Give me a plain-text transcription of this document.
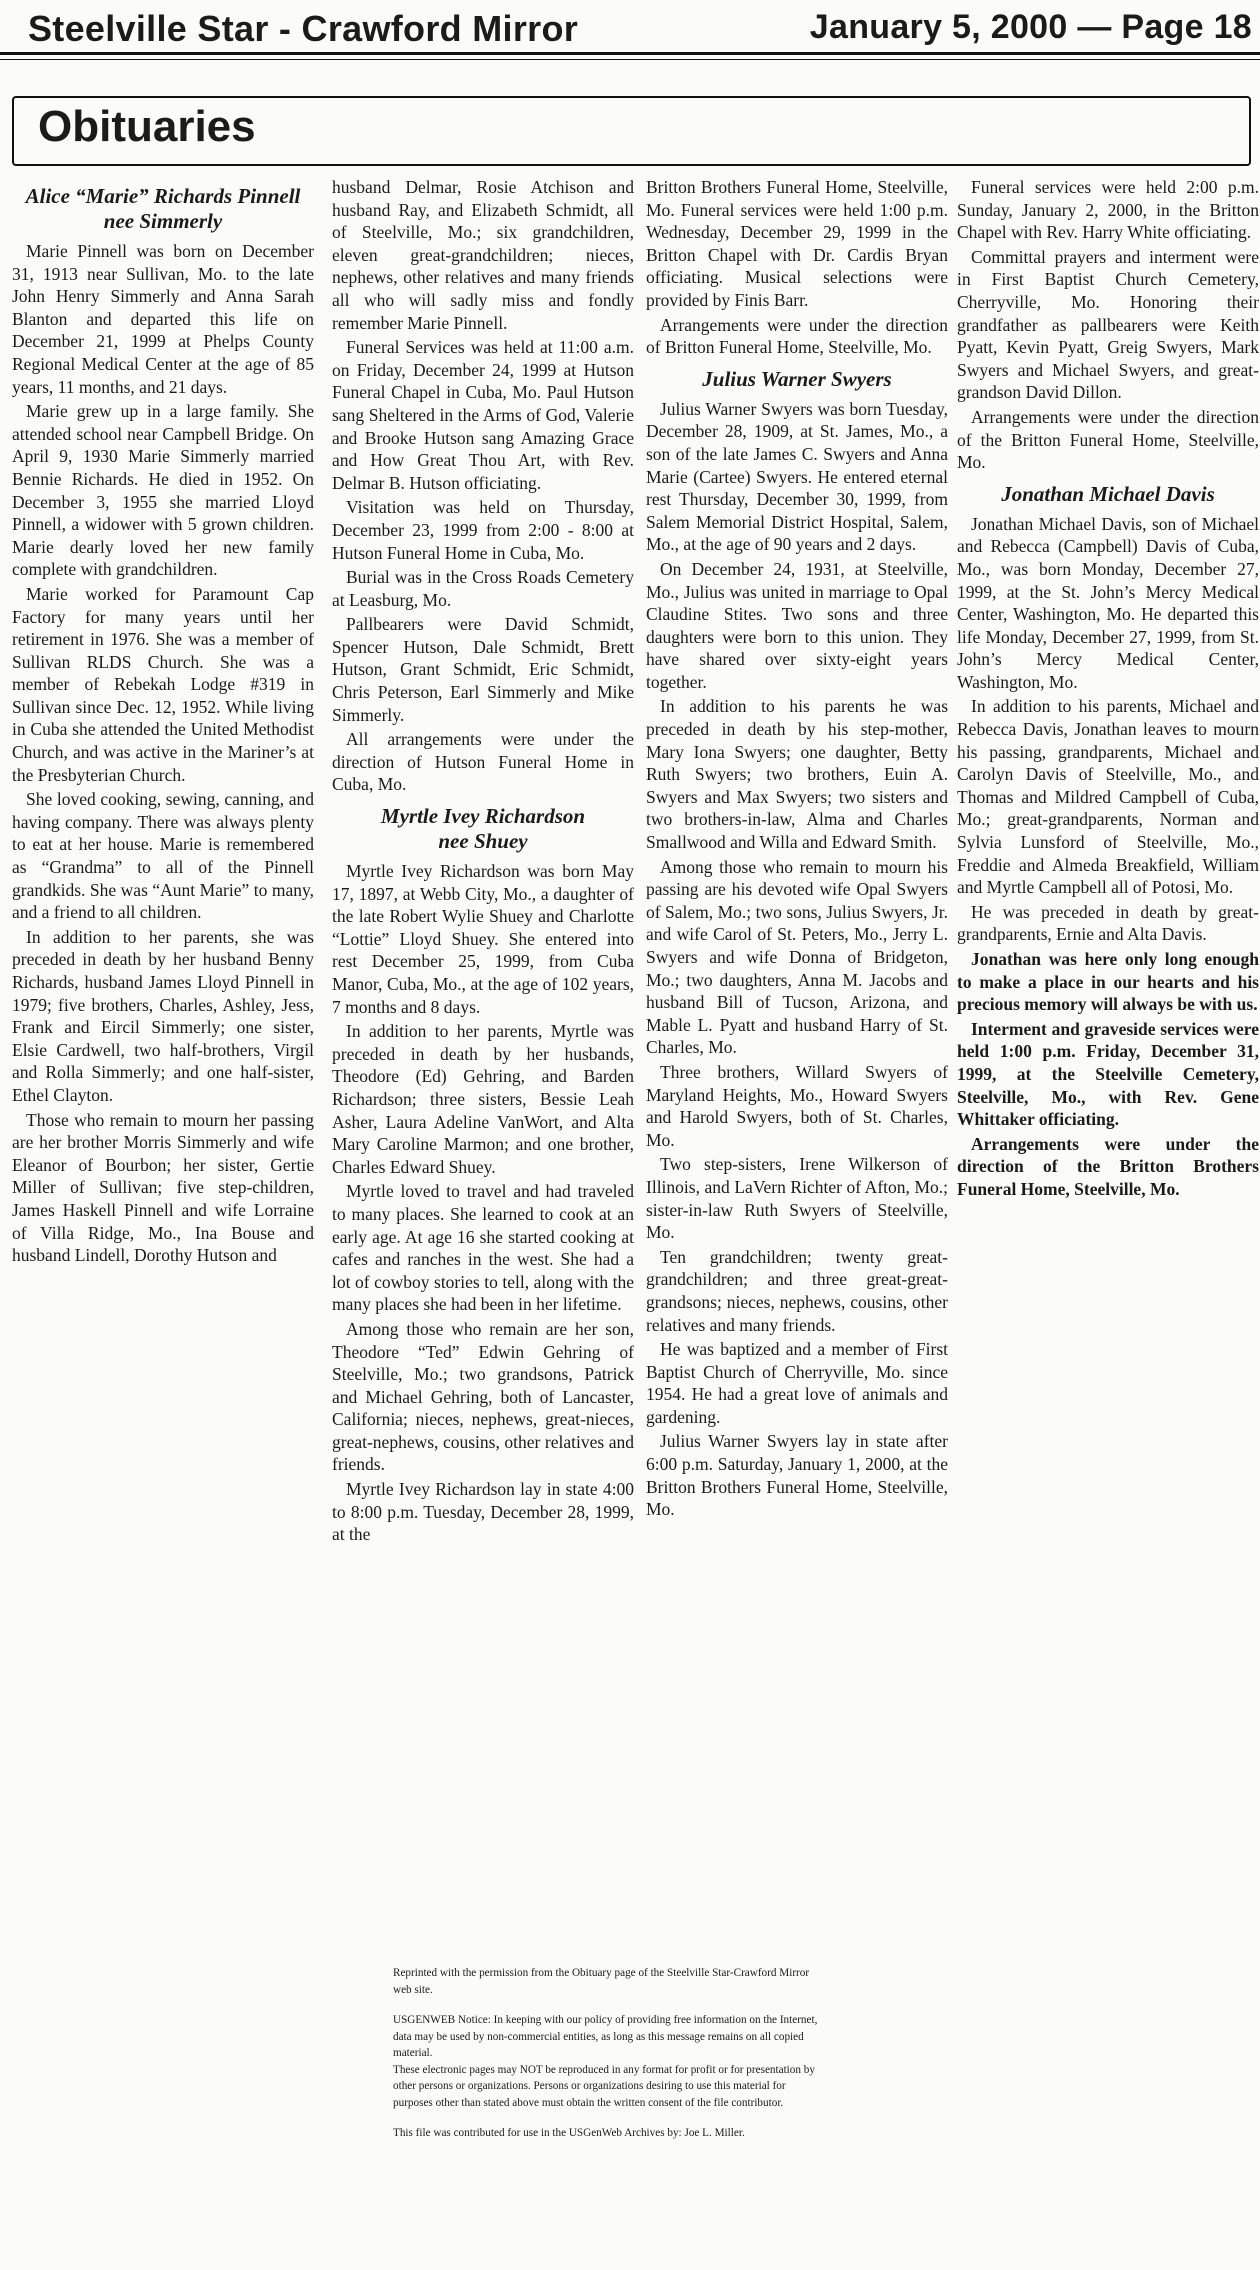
Steelville Star - Crawford Mirror	January 5, 2000 — Page 18
Obituaries
Alice “Marie” Richards Pinnell
nee Simmerly

Marie Pinnell was born on December 31, 1913 near Sullivan, Mo. to the late John Henry Simmerly and Anna Sarah Blanton and departed this life on December 21, 1999 at Phelps County Regional Medical Center at the age of 85 years, 11 months, and 21 days.

Marie grew up in a large family. She attended school near Campbell Bridge. On April 9, 1930 Marie Simmerly married Bennie Richards. He died in 1952. On December 3, 1955 she married Lloyd Pinnell, a widower with 5 grown children. Marie dearly loved her new family complete with grandchildren.

Marie worked for Paramount Cap Factory for many years until her retirement in 1976. She was a member of Sullivan RLDS Church. She was a member of Rebekah Lodge #319 in Sullivan since Dec. 12, 1952. While living in Cuba she attended the United Methodist Church, and was active in the Mariner’s at the Presbyterian Church.

She loved cooking, sewing, canning, and having company. There was always plenty to eat at her house. Marie is remembered as “Grandma” to all of the Pinnell grandkids. She was “Aunt Marie” to many, and a friend to all children.

In addition to her parents, she was preceded in death by her husband Benny Richards, husband James Lloyd Pinnell in 1979; five brothers, Charles, Ashley, Jess, Frank and Eircil Simmerly; one sister, Elsie Cardwell, two half-brothers, Virgil and Rolla Simmerly; and one half-sister, Ethel Clayton.

Those who remain to mourn her passing are her brother Morris Simmerly and wife Eleanor of Bourbon; her sister, Gertie Miller of Sullivan; five step-children, James Haskell Pinnell and wife Lorraine of Villa Ridge, Mo., Ina Bouse and husband Lindell, Dorothy Hutson and

husband Delmar, Rosie Atchison and husband Ray, and Elizabeth Schmidt, all of Steelville, Mo.; six grandchildren, eleven great-grandchildren; nieces, nephews, other relatives and many friends all who will sadly miss and fondly remember Marie Pinnell.

Funeral Services was held at 11:00 a.m. on Friday, December 24, 1999 at Hutson Funeral Chapel in Cuba, Mo. Paul Hutson sang Sheltered in the Arms of God, Valerie and Brooke Hutson sang Amazing Grace and How Great Thou Art, with Rev. Delmar B. Hutson officiating.

Visitation was held on Thursday, December 23, 1999 from 2:00 - 8:00 at Hutson Funeral Home in Cuba, Mo.

Burial was in the Cross Roads Cemetery at Leasburg, Mo.

Pallbearers were David Schmidt, Spencer Hutson, Dale Schmidt, Brett Hutson, Grant Schmidt, Eric Schmidt, Chris Peterson, Earl Simmerly and Mike Simmerly.

All arrangements were under the direction of Hutson Funeral Home in Cuba, Mo.

Myrtle Ivey Richardson
nee Shuey

Myrtle Ivey Richardson was born May 17, 1897, at Webb City, Mo., a daughter of the late Robert Wylie Shuey and Charlotte “Lottie” Lloyd Shuey. She entered into rest December 25, 1999, from Cuba Manor, Cuba, Mo., at the age of 102 years, 7 months and 8 days.

In addition to her parents, Myrtle was preceded in death by her husbands, Theodore (Ed) Gehring, and Barden Richardson; three sisters, Bessie Leah Asher, Laura Adeline VanWort, and Alta Mary Caroline Marmon; and one brother, Charles Edward Shuey.

Myrtle loved to travel and had traveled to many places. She learned to cook at an early age. At age 16 she started cooking at cafes and ranches in the west. She had a lot of cowboy stories to tell, along with the many places she had been in her lifetime.

Among those who remain are her son, Theodore “Ted” Edwin Gehring of Steelville, Mo.; two grandsons, Patrick and Michael Gehring, both of Lancaster, California; nieces, nephews, great-nieces, great-nephews, cousins, other relatives and friends.

Myrtle Ivey Richardson lay in state 4:00 to 8:00 p.m. Tuesday, December 28, 1999, at the

Britton Brothers Funeral Home, Steelville, Mo. Funeral services were held 1:00 p.m. Wednesday, December 29, 1999 in the Britton Chapel with Dr. Cardis Bryan officiating. Musical selections were provided by Finis Barr.

Arrangements were under the direction of Britton Funeral Home, Steelville, Mo.

Julius Warner Swyers

Julius Warner Swyers was born Tuesday, December 28, 1909, at St. James, Mo., a son of the late James C. Swyers and Anna Marie (Cartee) Swyers. He entered eternal rest Thursday, December 30, 1999, from Salem Memorial District Hospital, Salem, Mo., at the age of 90 years and 2 days.

On December 24, 1931, at Steelville, Mo., Julius was united in marriage to Opal Claudine Stites. Two sons and three daughters were born to this union. They have shared over sixty-eight years together.

In addition to his parents he was preceded in death by his step-mother, Mary Iona Swyers; one daughter, Betty Ruth Swyers; two brothers, Euin A. Swyers and Max Swyers; two sisters and two brothers-in-law, Alma and Charles Smallwood and Willa and Edward Smith.

Among those who remain to mourn his passing are his devoted wife Opal Swyers of Salem, Mo.; two sons, Julius Swyers, Jr. and wife Carol of St. Peters, Mo., Jerry L. Swyers and wife Donna of Bridgeton, Mo.; two daughters, Anna M. Jacobs and husband Bill of Tucson, Arizona, and Mable L. Pyatt and husband Harry of St. Charles, Mo.

Three brothers, Willard Swyers of Maryland Heights, Mo., Howard Swyers and Harold Swyers, both of St. Charles, Mo.

Two step-sisters, Irene Wilkerson of Illinois, and LaVern Richter of Afton, Mo.; sister-in-law Ruth Swyers of Steelville, Mo.

Ten grandchildren; twenty great-grandchildren; and three great-great-grandsons; nieces, nephews, cousins, other relatives and many friends.

He was baptized and a member of First Baptist Church of Cherryville, Mo. since 1954. He had a great love of animals and gardening.

Julius Warner Swyers lay in state after 6:00 p.m. Saturday, January 1, 2000, at the Britton Brothers Funeral Home, Steelville, Mo.

Funeral services were held 2:00 p.m. Sunday, January 2, 2000, in the Britton Chapel with Rev. Harry White officiating.

Committal prayers and interment were in First Baptist Church Cemetery, Cherryville, Mo. Honoring their grandfather as pallbearers were Keith Pyatt, Kevin Pyatt, Greig Swyers, Mark Swyers and Michael Swyers, and great-grandson David Dillon.

Arrangements were under the direction of the Britton Funeral Home, Steelville, Mo.

Jonathan Michael Davis

Jonathan Michael Davis, son of Michael and Rebecca (Campbell) Davis of Cuba, Mo., was born Monday, December 27, 1999, at the St. John’s Mercy Medical Center, Washington, Mo. He departed this life Monday, December 27, 1999, from St. John’s Mercy Medical Center, Washington, Mo.

In addition to his parents, Michael and Rebecca Davis, Jonathan leaves to mourn his passing, grandparents, Michael and Carolyn Davis of Steelville, Mo., and Thomas and Mildred Campbell of Cuba, Mo.; great-grandparents, Norman and Sylvia Lunsford of Steelville, Mo., Freddie and Almeda Breakfield, William and Myrtle Campbell all of Potosi, Mo.

He was preceded in death by great-grandparents, Ernie and Alta Davis.

Jonathan was here only long enough to make a place in our hearts and his precious memory will always be with us.

Interment and graveside services were held 1:00 p.m. Friday, December 31, 1999, at the Steelville Cemetery, Steelville, Mo., with Rev. Gene Whittaker officiating.

Arrangements were under the direction of the Britton Brothers Funeral Home, Steelville, Mo.

Reprinted with the permission from the Obituary page of the Steelville Star-Crawford Mirror web site.

USGENWEB Notice: In keeping with our policy of providing free information on the Internet, data may be used by non-commercial entities, as long as this message remains on all copied material.

These electronic pages may NOT be reproduced in any format for profit or for presentation by other persons or organizations. Persons or organizations desiring to use this material for purposes other than stated above must obtain the written consent of the file contributor.

This file was contributed for use in the USGenWeb Archives by: Joe L. Miller.
